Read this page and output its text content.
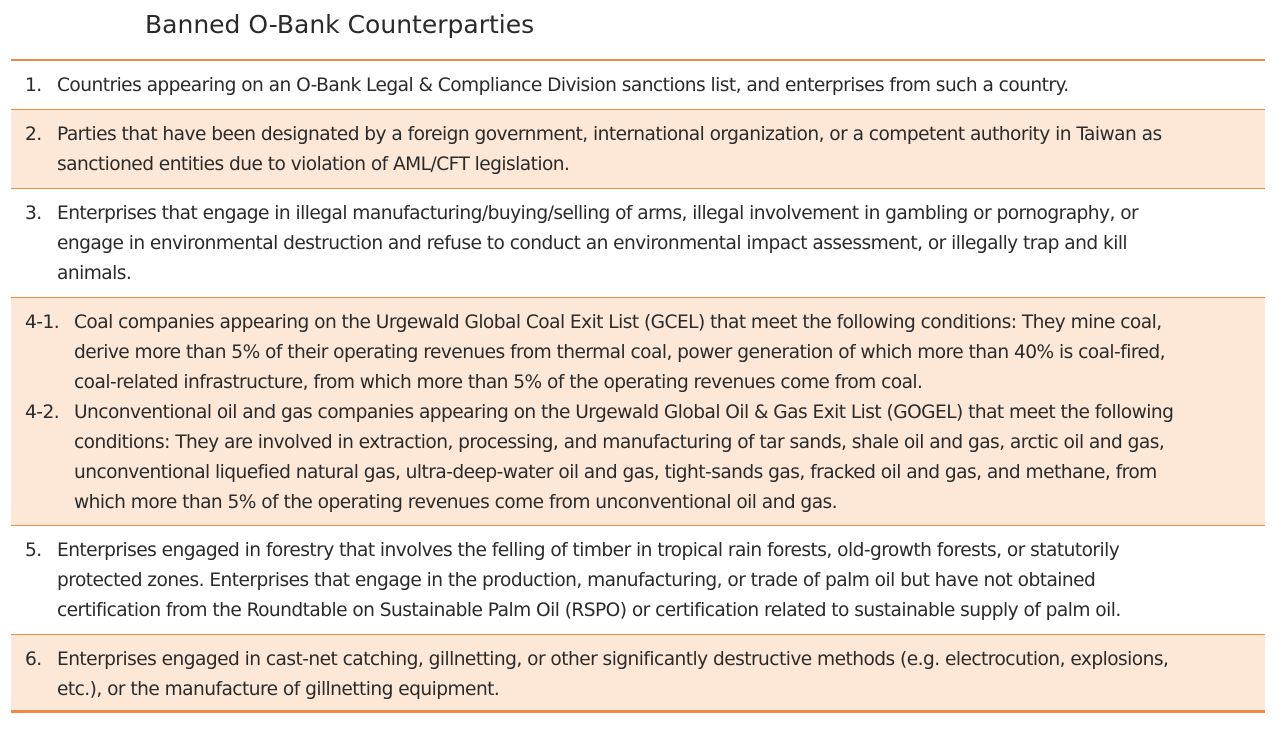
Banned O-Bank Counterparties
1. Countries appearing on an O-Bank Legal & Compliance Division sanctions list, and enterprises from such a country.
2. Parties that have been designated by a foreign government, international organization, or a competent authority in Taiwan as
sanctioned entities due to violation of AML/CFT legislation.
3. Enterprises that engage in illegal manufacturing/buying/selling of arms, illegal involvement in gambling or pornography, or
engage in environmental destruction and refuse to conduct an environmental impact assessment, or illegally trap and kill
animals.
4-1. Coal companies appearing on the Urgewald Global Coal Exit List (GCEL) that meet the following conditions: They mine coal,
derive more than 5% of their operating revenues from thermal coal, power generation of which more than 40% is coal-fired,
coal-related infrastructure, from which more than 5% of the operating revenues come from coal.
4-2. Unconventional oil and gas companies appearing on the Urgewald Global Oil & Gas Exit List (GOGEL) that meet the following
conditions: They are involved in extraction, processing, and manufacturing of tar sands, shale oil and gas, arctic oil and gas,
unconventional liquefied natural gas, ultra-deep-water oil and gas, tight-sands gas, fracked oil and gas, and methane, from
which more than 5% of the operating revenues come from unconventional oil and gas.
5. Enterprises engaged in forestry that involves the felling of timber in tropical rain forests, old-growth forests, or statutorily
protected zones. Enterprises that engage in the production, manufacturing, or trade of palm oil but have not obtained
certification from the Roundtable on Sustainable Palm Oil (RSPO) or certification related to sustainable supply of palm oil.
6. Enterprises engaged in cast-net catching, gillnetting, or other significantly destructive methods (e.g. electrocution, explosions,
etc.), or the manufacture of gillnetting equipment.
